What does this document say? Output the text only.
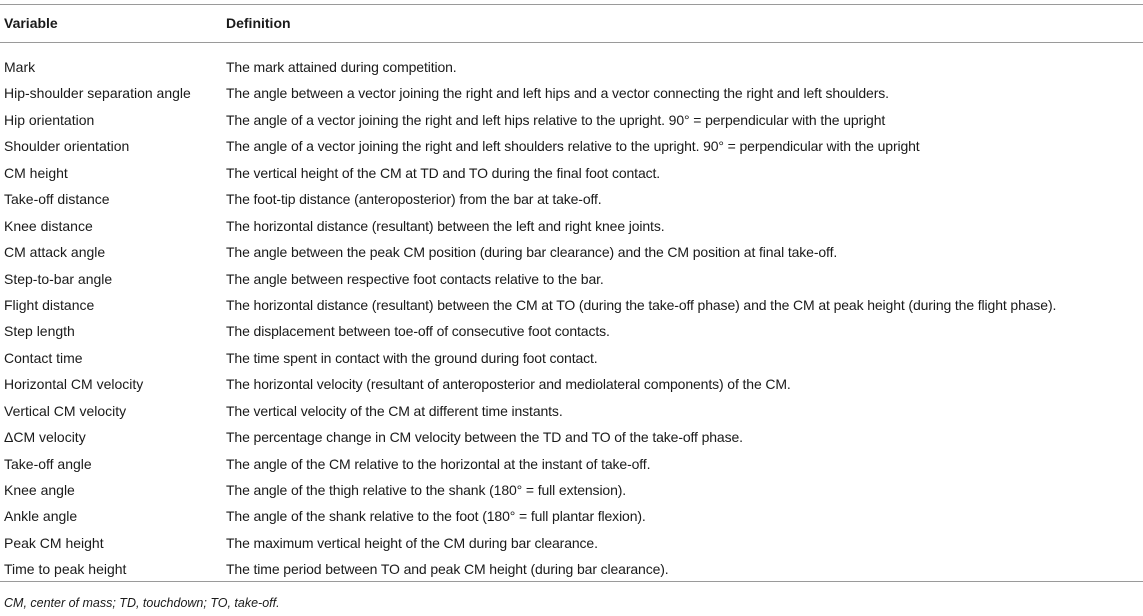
Variable	Definition
Mark	The mark attained during competition.
Hip-shoulder separation angle	The angle between a vector joining the right and left hips and a vector connecting the right and left shoulders.
Hip orientation	The angle of a vector joining the right and left hips relative to the upright. 90° = perpendicular with the upright
Shoulder orientation	The angle of a vector joining the right and left shoulders relative to the upright. 90° = perpendicular with the upright
CM height	The vertical height of the CM at TD and TO during the final foot contact.
Take-off distance	The foot-tip distance (anteroposterior) from the bar at take-off.
Knee distance	The horizontal distance (resultant) between the left and right knee joints.
CM attack angle	The angle between the peak CM position (during bar clearance) and the CM position at final take-off.
Step-to-bar angle	The angle between respective foot contacts relative to the bar.
Flight distance	The horizontal distance (resultant) between the CM at TO (during the take-off phase) and the CM at peak height (during the flight phase).
Step length	The displacement between toe-off of consecutive foot contacts.
Contact time	The time spent in contact with the ground during foot contact.
Horizontal CM velocity	The horizontal velocity (resultant of anteroposterior and mediolateral components) of the CM.
Vertical CM velocity	The vertical velocity of the CM at different time instants.
ΔCM velocity	The percentage change in CM velocity between the TD and TO of the take-off phase.
Take-off angle	The angle of the CM relative to the horizontal at the instant of take-off.
Knee angle	The angle of the thigh relative to the shank (180° = full extension).
Ankle angle	The angle of the shank relative to the foot (180° = full plantar flexion).
Peak CM height	The maximum vertical height of the CM during bar clearance.
Time to peak height	The time period between TO and peak CM height (during bar clearance).
CM, center of mass; TD, touchdown; TO, take-off.
